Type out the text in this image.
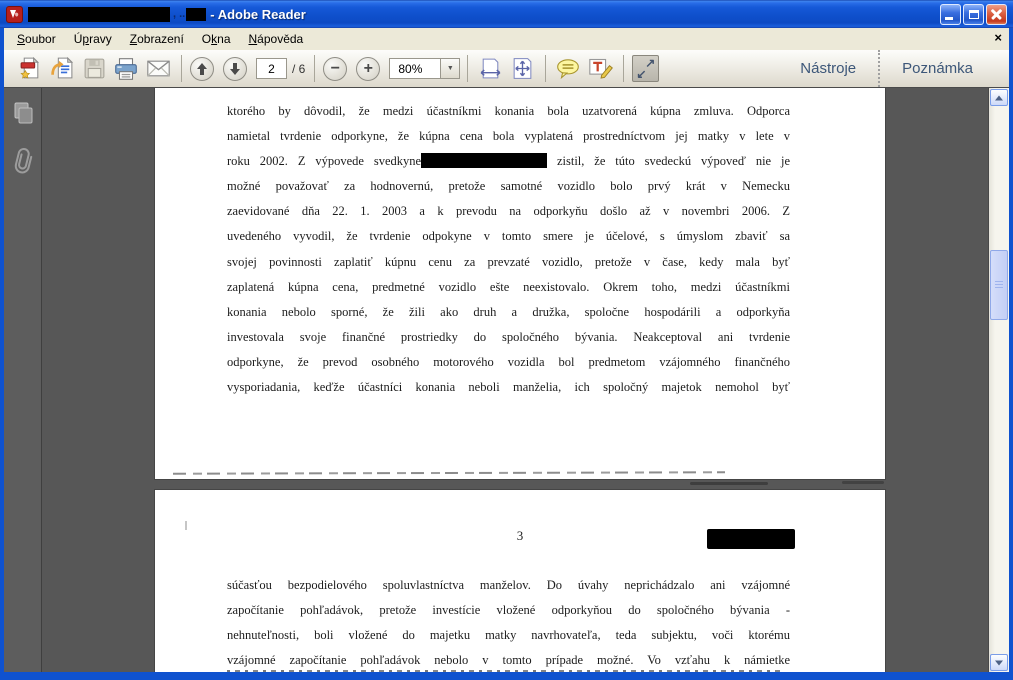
, .. - Adobe Reader
Soubor	Úpravy	Zobrazení	Okna	Nápověda	×
2
/ 6 − +
80%	▼	↗
↙	Nástroje	Poznámka
ktorého by dôvodil, že medzi účastníkmi konania bola uzatvorená kúpna zmluva. Odporca
namietal tvrdenie odporkyne, že kúpna cena bola vyplatená prostredníctvom jej matky v lete v
roku 2002. Z výpovede svedkyne	zistil, že túto svedeckú výpoveď nie je
možné považovať za hodnovernú, pretože samotné vozidlo bolo prvý krát v Nemecku
zaevidované dňa 22. 1. 2003 a k prevodu na odporkyňu došlo až v novembri 2006. Z
uvedeného vyvodil, že tvrdenie odpokyne v tomto smere je účelové, s úmyslom zbaviť sa
svojej povinnosti zaplatiť kúpnu cenu za prevzaté vozidlo, pretože v čase, kedy mala byť
zaplatená kúpna cena, predmetné vozidlo ešte neexistovalo. Okrem toho, medzi účastníkmi
konania nebolo sporné, že žili ako druh a družka, spoločne hospodárili a odporkyňa
investovala svoje finančné prostriedky do spoločného bývania. Neakceptoval ani tvrdenie
odporkyne, že prevod osobného motorového vozidla bol predmetom vzájomného finančného
vysporiadania, keďže účastníci konania neboli manželia, ich spoločný majetok nemohol byť
3
súčasťou bezpodielového spoluvlastníctva manželov. Do úvahy neprichádzalo ani vzájomné
započítanie pohľadávok, pretože investície vložené odporkyňou do spoločného bývania -
nehnuteľnosti, boli vložené do majetku matky navrhovateľa, teda subjektu, voči ktorému
vzájomné započítanie pohľadávok nebolo v tomto prípade možné. Vo vzťahu k námietke
